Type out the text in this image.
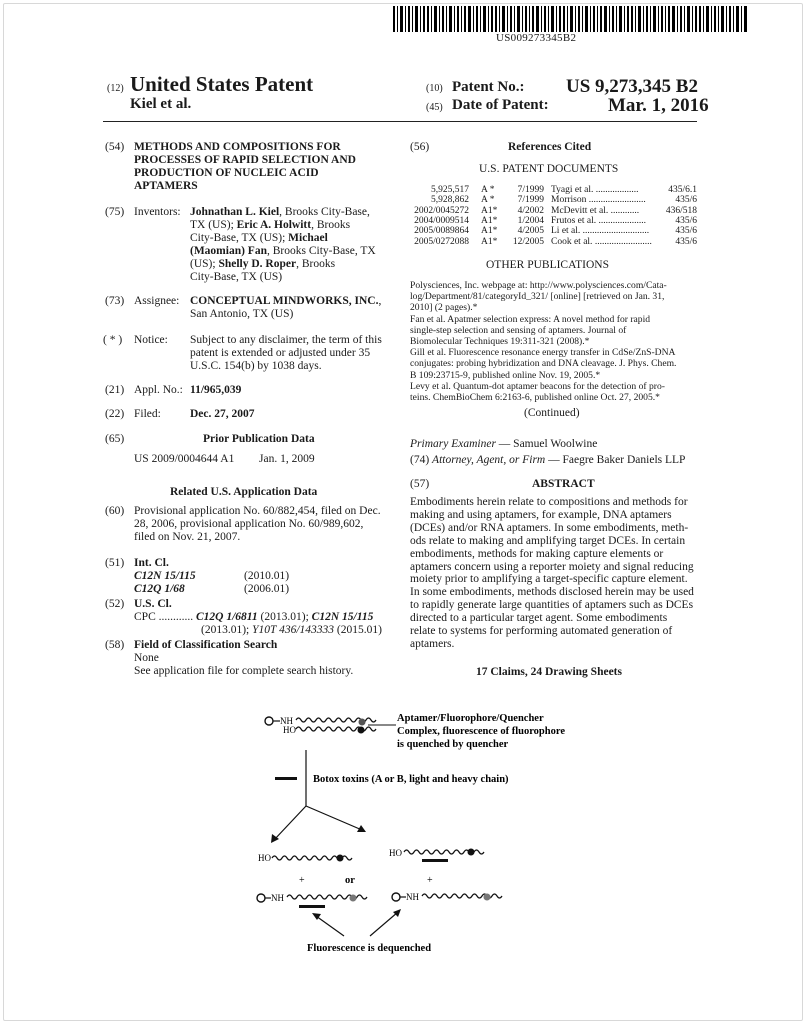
US009273345B2
(12) United States Patent
Kiel et al.
(10) Patent No.: US 9,273,345 B2
(45) Date of Patent:	Mar. 1, 2016
(54) METHODS AND COMPOSITIONS FOR
PROCESSES OF RAPID SELECTION AND
PRODUCTION OF NUCLEIC ACID
APTAMERS
(75) Inventors: Johnathan L. Kiel, Brooks City-Base,
TX (US); Eric A. Holwitt, Brooks
City-Base, TX (US); Michael
(Maomian) Fan, Brooks City-Base, TX
(US); Shelly D. Roper, Brooks
City-Base, TX (US)
(73) Assignee: CONCEPTUAL MINDWORKS, INC.,
San Antonio, TX (US)
( * ) Notice: Subject to any disclaimer, the term of this
patent is extended or adjusted under 35
U.S.C. 154(b) by 1038 days.
(21) Appl. No.: 11/965,039
(22) Filed:	Dec. 27, 2007
(65)	Prior Publication Data
US 2009/0004644 A1 Jan. 1, 2009
Related U.S. Application Data
(60) Provisional application No. 60/882,454, filed on Dec.
28, 2006, provisional application No. 60/989,602,
filed on Nov. 21, 2007.
(51) Int. Cl.
C12N 15/115	(2010.01)
C12Q 1/68	(2006.01)
(52) U.S. Cl.
CPC ............ C12Q 1/6811 (2013.01); C12N 15/115
(2013.01); Y10T 436/143333 (2015.01)
(58) Field of Classification Search
None
See application file for complete search history.
(56)	References Cited
U.S. PATENT DOCUMENTS
5,925,517 A *	7/1999 Tyagi et al. ..................	435/6.1
5,928,862 A *	7/1999 Morrison ........................	435/6
2002/0045272 A1*	4/2002 McDevitt et al. ............	436/518
2004/0009514 A1*	1/2004 Frutos et al. ....................	435/6
2005/0089864 A1*	4/2005 Li et al. ............................	435/6
2005/0272088 A1*	12/2005 Cook et al. ........................	435/6
OTHER PUBLICATIONS
Polysciences, Inc. webpage at: http://www.polysciences.com/Cata-
log/Department/81/categoryId_321/ [online] [retrieved on Jan. 31,
2010] (2 pages).*
Fan et al. Apatmer selection express: A novel method for rapid
single-step selection and sensing of aptamers. Journal of
Biomolecular Techniques 19:311-321 (2008).*
Gill et al. Fluorescence resonance energy transfer in CdSe/ZnS-DNA
conjugates: probing hybridization and DNA cleavage. J. Phys. Chem.
B 109:23715-9, published online Nov. 19, 2005.*
Levy et al. Quantum-dot aptamer beacons for the detection of pro-
teins. ChemBioChem 6:2163-6, published online Oct. 27, 2005.*
(Continued)
Primary Examiner — Samuel Woolwine
(74) Attorney, Agent, or Firm — Faegre Baker Daniels LLP
(57)	ABSTRACT
Embodiments herein relate to compositions and methods for
making and using aptamers, for example, DNA aptamers
(DCEs) and/or RNA aptamers. In some embodiments, meth-
ods relate to making and amplifying target DCEs. In certain
embodiments, methods for making capture elements or
aptamers concern using a reporter moiety and signal reducing
moiety prior to amplifying a target-specific capture element.
In some embodiments, methods disclosed herein may be used
to rapidly generate large quantities of aptamers such as DCEs
directed to a particular target agent. Some embodiments
relate to systems for performing automated generation of
aptamers.
17 Claims, 24 Drawing Sheets
NH
HO
Aptamer/Fluorophore/Quencher
Complex, fluorescence of fluorophore
is quenched by quencher
Botox toxins (A or B, light and heavy chain)
HO	HO
+	or	+
NH	NH
Fluorescence is dequenched
